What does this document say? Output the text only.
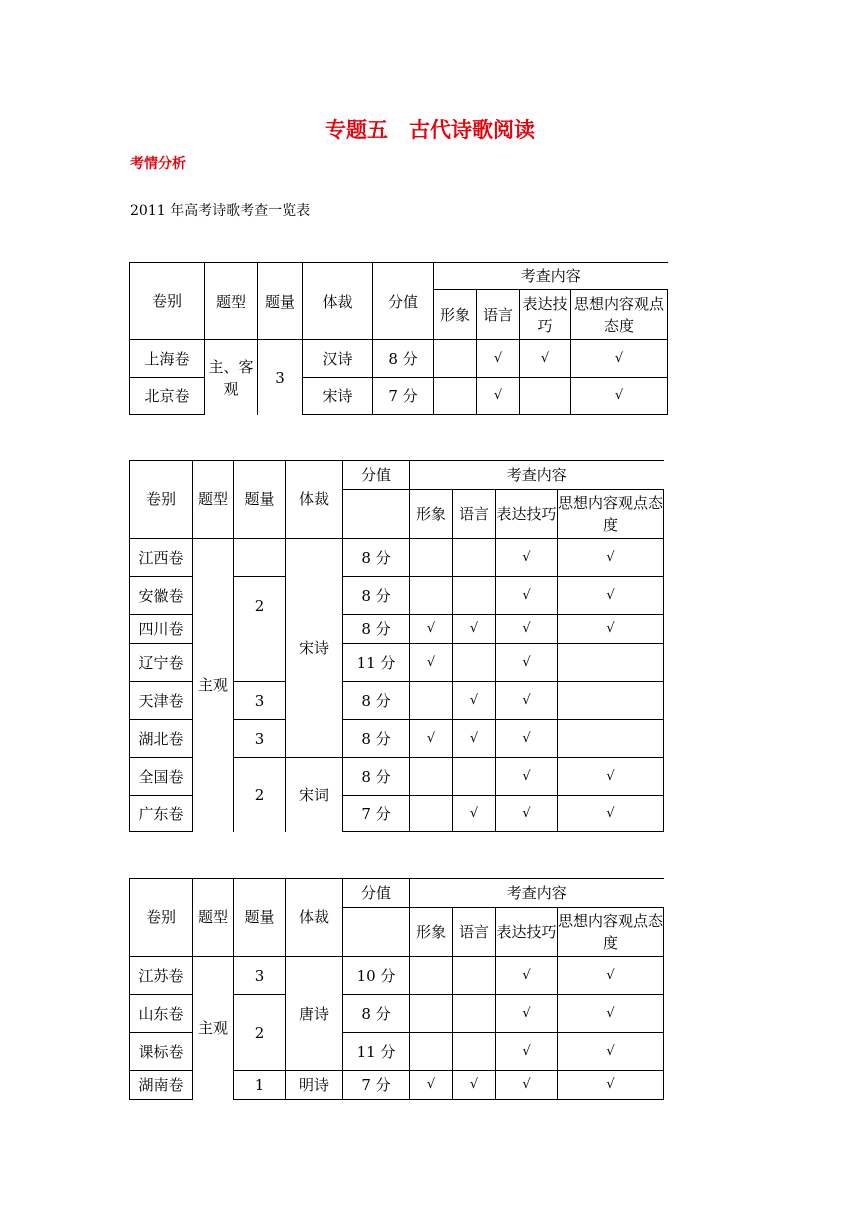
专题五　古代诗歌阅读
考情分析
2011 年高考诗歌考查一览表
卷别	题型	题量	体裁	分值	考查内容			
					形象	语言	表达技巧	思想内容观点态度
上海卷	主、客观	3	汉诗	8 分		√	√	√
北京卷			宋诗	7 分		√		√
卷别	题型	题量	体裁	分值	考查内容			
					形象	语言	表达技巧	思想内容观点态度
江西卷	主观		宋诗	8 分			√	√
安徽卷		2		8 分			√	√
四川卷				8 分	√	√	√	√
辽宁卷				11 分	√		√	
天津卷		3		8 分		√	√	
湖北卷		3		8 分	√	√	√	
全国卷		2	宋词	8 分			√	√
广东卷				7 分		√	√	√
卷别	题型	题量	体裁	分值	考查内容			
					形象	语言	表达技巧	思想内容观点态度
江苏卷	主观	3	唐诗	10 分			√	√
山东卷		2		8 分			√	√
课标卷				11 分			√	√
湖南卷		1	明诗	7 分	√	√	√	√
